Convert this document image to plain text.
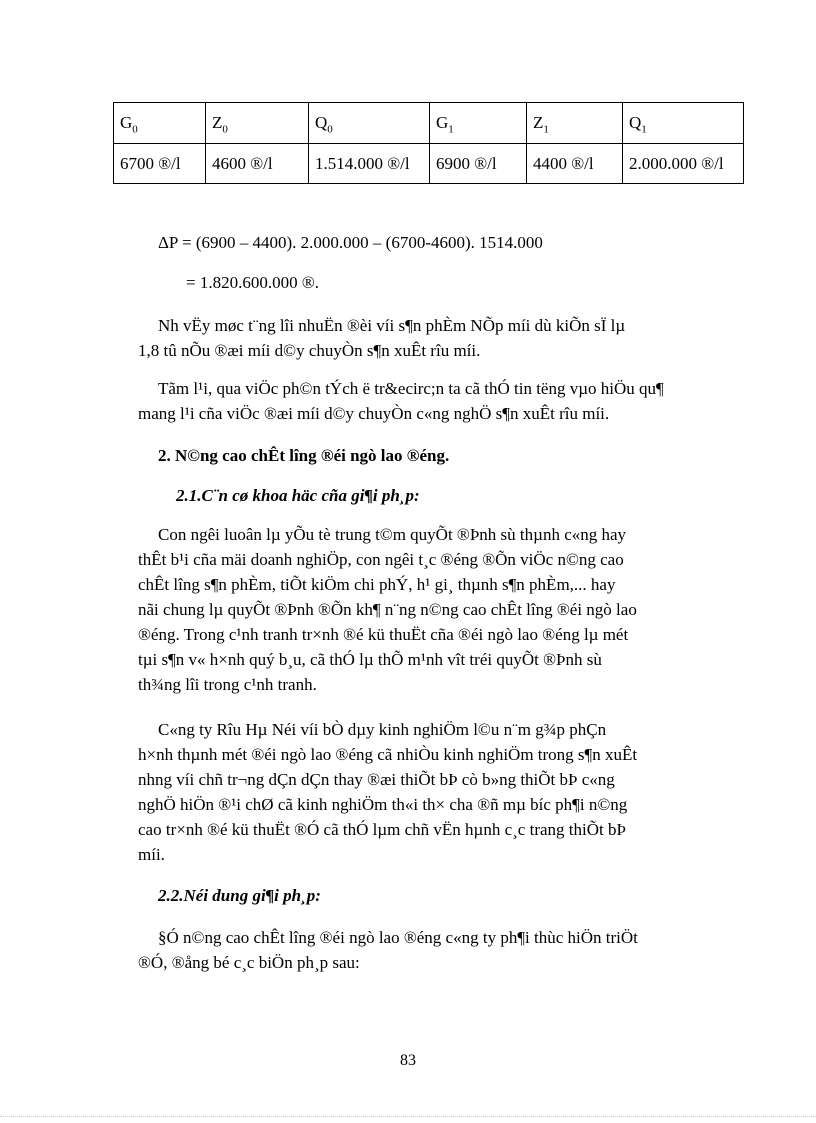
$G_0$	$Z_0$	$Q_0$	$G_1$	$Z_1$	$Q_1$
6700 ®/l	4600 ®/l	1.514.000 ®/l	6900 ®/l	4400 ®/l	2.000.000 ®/l
ΔP = (6900 – 4400). 2.000.000 – (6700-4600). 1514.000
= 1.820.600.000 ®.
Nh vËy møc t¨ng lîi nhuËn ®èi víi s¶n phÈm NÕp míi dù kiÕn sÏ lµ
1,8 tû nÕu ®æi míi d©y chuyÒn s¶n xuÊt rîu míi.
Tãm l¹i, qua viÖc ph©n tÝch ë tr&ecirc;n ta cã thÓ tin tëng vµo hiÖu qu¶
mang l¹i cña viÖc ®æi míi d©y chuyÒn c«ng nghÖ s¶n xuÊt rîu míi.
2. N©ng cao chÊt lîng ®éi ngò lao ®éng.
2.1.C¨n cø khoa häc cña gi¶i ph¸p:
Con ngêi luoân lµ yÕu tè trung t©m quyÕt ®Þnh sù thµnh c«ng hay
thÊt b¹i cña mäi doanh nghiÖp, con ngêi t¸c ®éng ®Õn viÖc n©ng cao
chÊt lîng s¶n phÈm, tiÕt kiÖm chi phÝ, h¹ gi¸ thµnh s¶n phÈm,... hay
nãi chung lµ quyÕt ®Þnh ®Õn kh¶ n¨ng n©ng cao chÊt lîng ®éi ngò lao
®éng. Trong c¹nh tranh tr×nh ®é kü thuËt cña ®éi ngò lao ®éng lµ mét
tµi s¶n v« h×nh quý b¸u, cã thÓ lµ thÕ m¹nh vît tréi quyÕt ®Þnh sù
th¾ng lîi trong c¹nh tranh.
C«ng ty Rîu Hµ Néi víi bÒ dµy kinh nghiÖm l©u n¨m g¾p phÇn
h×nh thµnh mét ®éi ngò lao ®éng cã nhiÒu kinh nghiÖm trong s¶n xuÊt
nhng víi chñ tr¬ng dÇn dÇn thay ®æi thiÕt bÞ cò b»ng thiÕt bÞ c«ng
nghÖ hiÖn ®¹i chØ cã kinh nghiÖm th«i th× cha ®ñ mµ bíc ph¶i n©ng
cao tr×nh ®é kü thuËt ®Ó cã thÓ lµm chñ vËn hµnh c¸c trang thiÕt bÞ
míi.
2.2.Néi dung gi¶i ph¸p:
§Ó n©ng cao chÊt lîng ®éi ngò lao ®éng c«ng ty ph¶i thùc hiÖn triÖt
®Ó, ®ång bé c¸c biÖn ph¸p sau:
83
